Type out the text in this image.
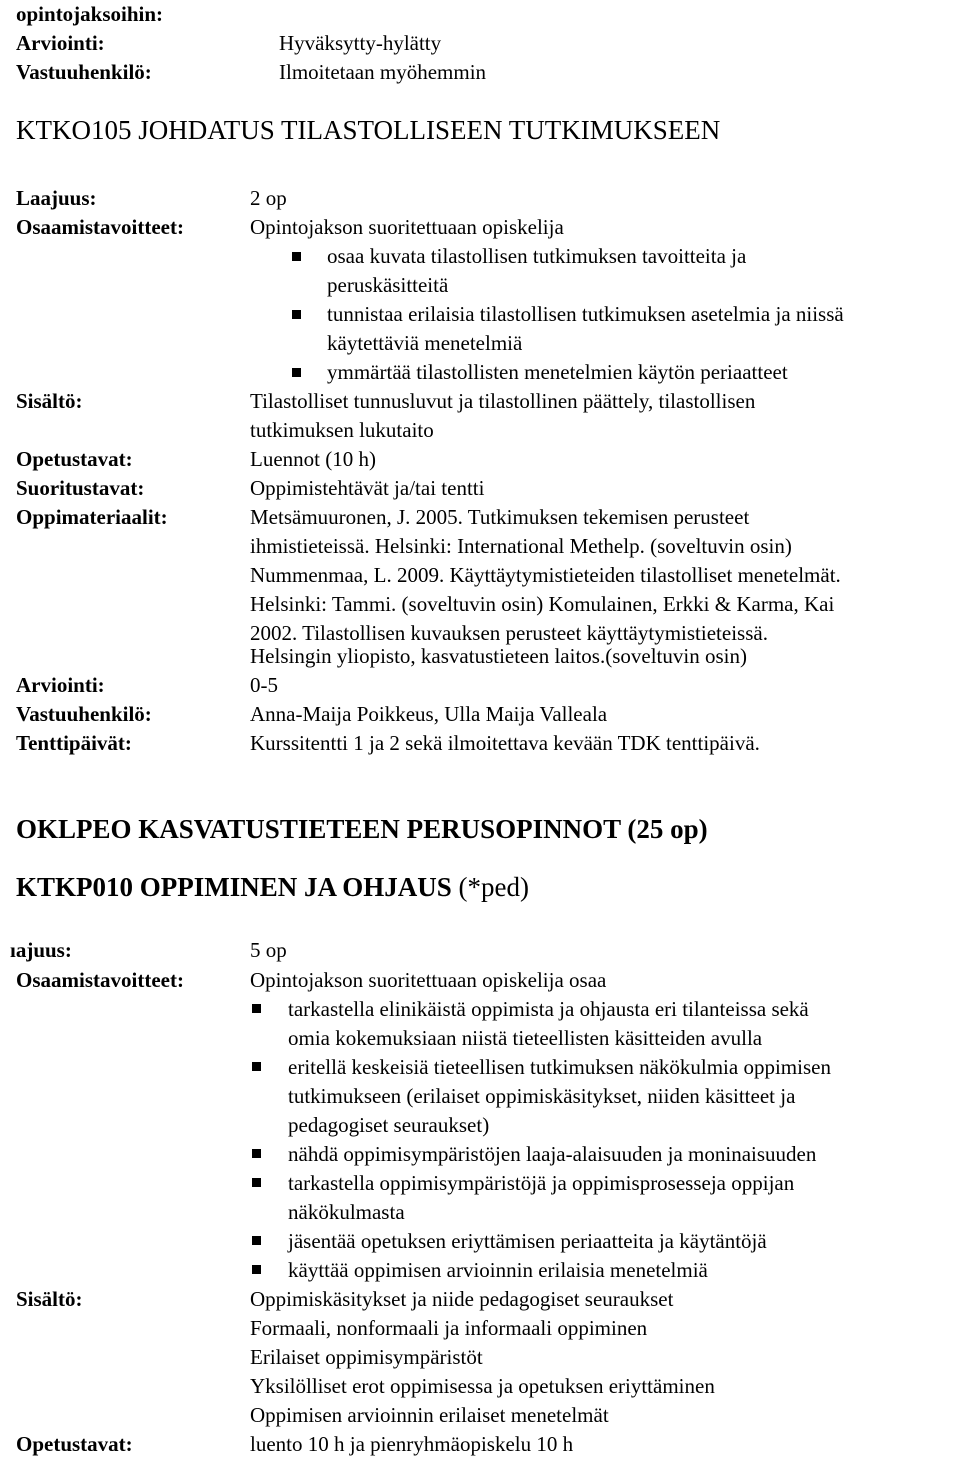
opintojaksoihin:
Arviointi:	Hyväksytty-hylätty
Vastuuhenkilö:	Ilmoitetaan myöhemmin
KTKO105 JOHDATUS TILASTOLLISEEN TUTKIMUKSEEN
Laajuus:	2 op
Osaamistavoitteet:	Opintojakson suoritettuaan opiskelija
osaa kuvata tilastollisen tutkimuksen tavoitteita ja
peruskäsitteitä
tunnistaa erilaisia tilastollisen tutkimuksen asetelmia ja niissä
käytettäviä menetelmiä
ymmärtää tilastollisten menetelmien käytön periaatteet
Sisältö:	Tilastolliset tunnusluvut ja tilastollinen päättely, tilastollisen
tutkimuksen lukutaito
Opetustavat:	Luennot (10 h)
Suoritustavat:	Oppimistehtävät ja/tai tentti
Oppimateriaalit:	Metsämuuronen, J. 2005. Tutkimuksen tekemisen perusteet
ihmistieteissä. Helsinki: International Methelp. (soveltuvin osin)
Nummenmaa, L. 2009. Käyttäytymistieteiden tilastolliset menetelmät.
Helsinki: Tammi. (soveltuvin osin) Komulainen, Erkki & Karma, Kai
2002. Tilastollisen kuvauksen perusteet käyttäytymistieteissä.
Helsingin yliopisto, kasvatustieteen laitos.(soveltuvin osin)
Arviointi:	0-5
Vastuuhenkilö:	Anna-Maija Poikkeus, Ulla Maija Valleala
Tenttipäivät:	Kurssitentti 1 ja 2 sekä ilmoitettava kevään TDK tenttipäivä.
OKLPEO KASVATUSTIETEEN PERUSOPINNOT (25 op)
KTKP010 OPPIMINEN JA OHJAUS (*ped)
ıajuus:	5 op
Osaamistavoitteet:	Opintojakson suoritettuaan opiskelija osaa
tarkastella elinikäistä oppimista ja ohjausta eri tilanteissa sekä
omia kokemuksiaan niistä tieteellisten käsitteiden avulla
eritellä keskeisiä tieteellisen tutkimuksen näkökulmia oppimisen
tutkimukseen (erilaiset oppimiskäsitykset, niiden käsitteet ja
pedagogiset seuraukset)
nähdä oppimisympäristöjen laaja-alaisuuden ja moninaisuuden
tarkastella oppimisympäristöjä ja oppimisprosesseja oppijan
näkökulmasta
jäsentää opetuksen eriyttämisen periaatteita ja käytäntöjä
käyttää oppimisen arvioinnin erilaisia menetelmiä
Sisältö:	Oppimiskäsitykset ja niide pedagogiset seuraukset
Formaali, nonformaali ja informaali oppiminen
Erilaiset oppimisympäristöt
Yksilölliset erot oppimisessa ja opetuksen eriyttäminen
Oppimisen arvioinnin erilaiset menetelmät
Opetustavat:	luento 10 h ja pienryhmäopiskelu 10 h
